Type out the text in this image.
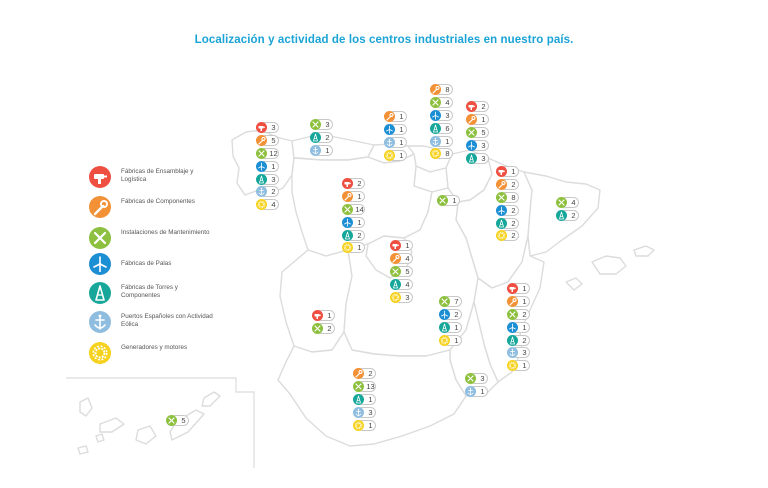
Localización y actividad de los centros industriales en nuestro país.
Fábricas de Ensamblaje y Logística
Fábricas de Componentes
Instalaciones de Mantenimiento
Fábricas de Palas
Fábricas de Torres y Componentes
Puertos Españoles con Actividad Eólica
Generadores y motores
3
5
12
1
3
2
4
3
2
1
1
1
1
1
8
4
3
6
1
8
1
2
1
5
3
3
1
2
8
2
2
2
4
2
2
1
14
1
2
1	1
4
5
4
3
1
2
7
2
1
1
1
1
2
1
2
3
1
3
1
2
13
1
3
1
5
